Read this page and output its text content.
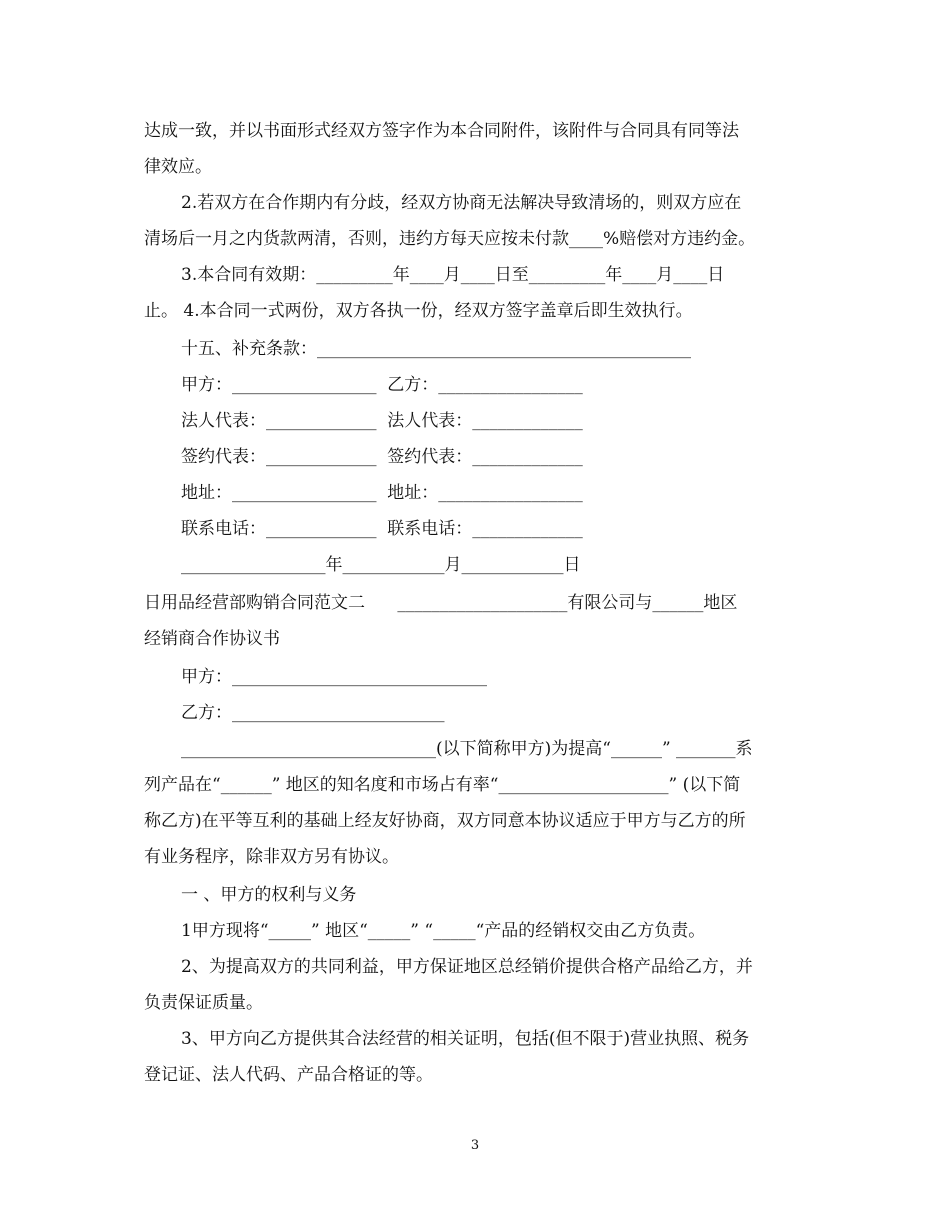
达成一致，并以书面形式经双方签字作为本合同附件，该附件与合同具有同等法
律效应。
2.若双方在合作期内有分歧，经双方协商无法解决导致清场的，则双方应在
清场后一月之内货款两清，否则，违约方每天应按未付款____%赔偿对方违约金。
3.本合同有效期：_________年____月____日至_________年____月____日
止。 4.本合同一式两份，双方各执一份，经双方签字盖章后即生效执行。
十五、补充条款：____________________________________________
甲方：_________________  乙方：_________________
法人代表：_____________  法人代表：_____________
签约代表：_____________  签约代表：_____________
地址：_________________  地址：_________________
联系电话：_____________  联系电话：_____________
_________________年____________月____________日
日用品经营部购销合同范文二      ____________________有限公司与______地区
经销商合作协议书
甲方：______________________________
乙方：_________________________
______________________________(以下简称甲方)为提高“______” _______系
列产品在“______” 地区的知名度和市场占有率“____________________” (以下简
称乙方)在平等互利的基础上经友好协商，双方同意本协议适应于甲方与乙方的所
有业务程序，除非双方另有协议。
一 、甲方的权利与义务
1甲方现将“_____” 地区“_____” “_____“产品的经销权交由乙方负责。
2、为提高双方的共同利益，甲方保证地区总经销价提供合格产品给乙方，并
负责保证质量。
3、甲方向乙方提供其合法经营的相关证明，包括(但不限于)营业执照、税务
登记证、法人代码、产品合格证的等。
3
